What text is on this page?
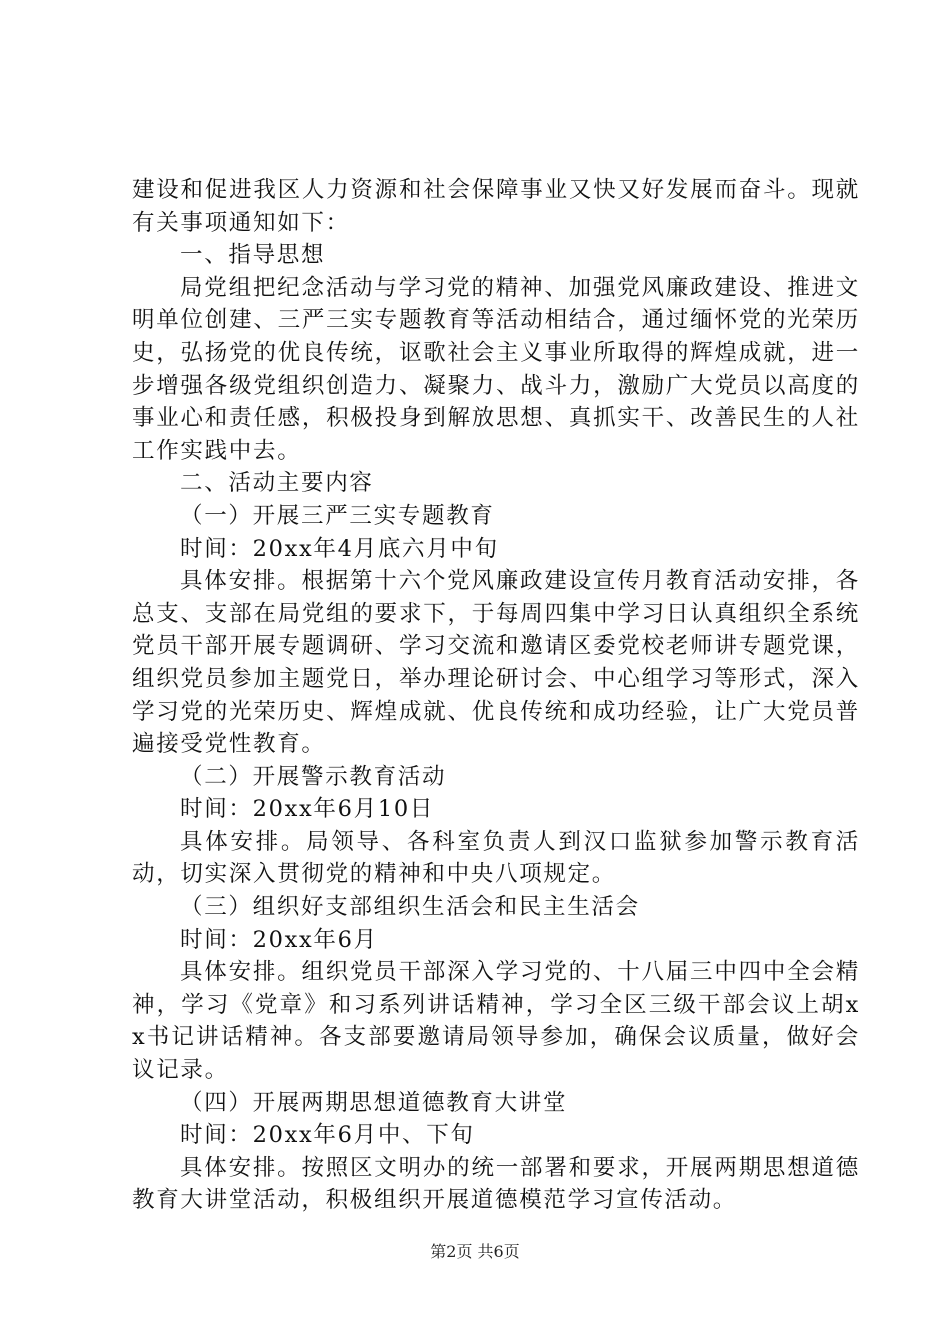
建设和促进我区人力资源和社会保障事业又快又好发展而奋斗。现就有关事项通知如下：

一、指导思想

局党组把纪念活动与学习党的精神、加强党风廉政建设、推进文明单位创建、三严三实专题教育等活动相结合，通过缅怀党的光荣历史，弘扬党的优良传统，讴歌社会主义事业所取得的辉煌成就，进一步增强各级党组织创造力、凝聚力、战斗力，激励广大党员以高度的事业心和责任感，积极投身到解放思想、真抓实干、改善民生的人社工作实践中去。

二、活动主要内容

（一）开展三严三实专题教育

时间：20xx年4月底六月中旬

具体安排。根据第十六个党风廉政建设宣传月教育活动安排，各总支、支部在局党组的要求下，于每周四集中学习日认真组织全系统党员干部开展专题调研、学习交流和邀请区委党校老师讲专题党课，组织党员参加主题党日，举办理论研讨会、中心组学习等形式，深入学习党的光荣历史、辉煌成就、优良传统和成功经验，让广大党员普遍接受党性教育。

（二）开展警示教育活动

时间：20xx年6月10日

具体安排。局领导、各科室负责人到汉口监狱参加警示教育活动，切实深入贯彻党的精神和中央八项规定。

（三）组织好支部组织生活会和民主生活会

时间：20xx年6月

具体安排。组织党员干部深入学习党的、十八届三中四中全会精神，学习《党章》和习系列讲话精神，学习全区三级干部会议上胡xx书记讲话精神。各支部要邀请局领导参加，确保会议质量，做好会议记录。

（四）开展两期思想道德教育大讲堂

时间：20xx年6月中、下旬

具体安排。按照区文明办的统一部署和要求，开展两期思想道德教育大讲堂活动，积极组织开展道德模范学习宣传活动。

第2页 共6页
